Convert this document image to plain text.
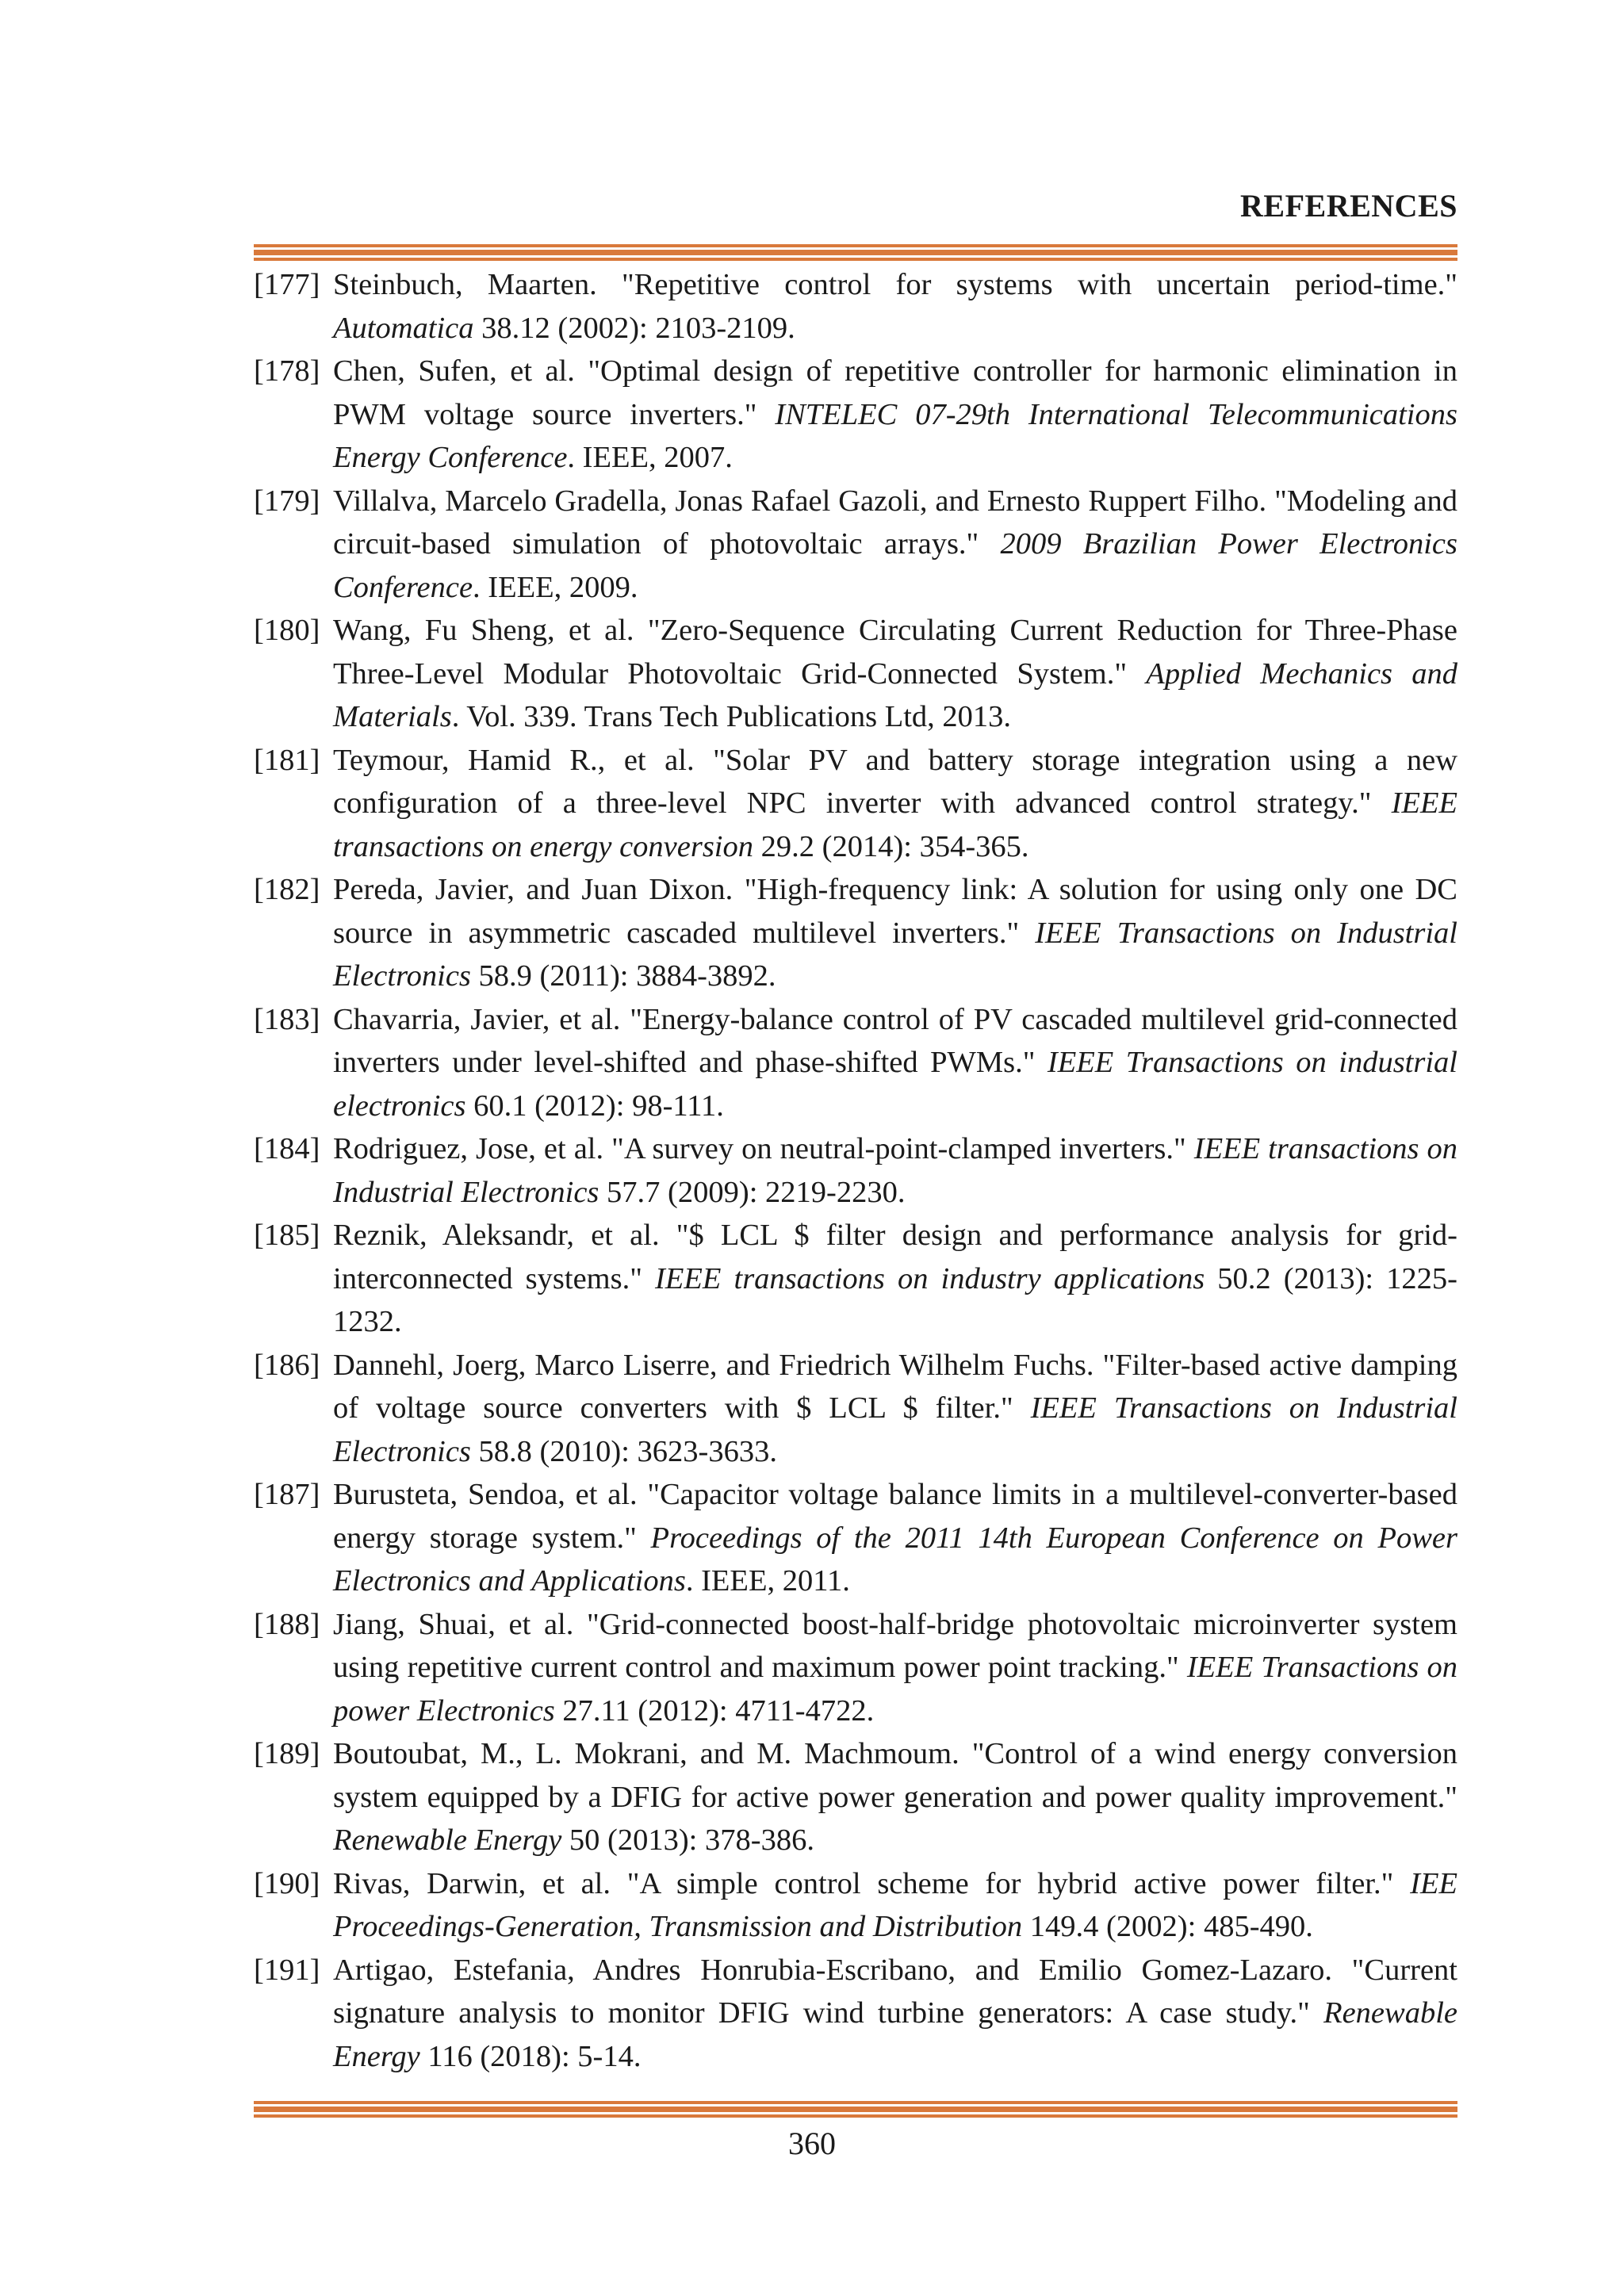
REFERENCES
[177] Steinbuch, Maarten. "Repetitive control for systems with uncertain period-time." Automatica 38.12 (2002): 2103-2109.
[178] Chen, Sufen, et al. "Optimal design of repetitive controller for harmonic elimination in PWM voltage source inverters." INTELEC 07-29th International Telecommunications Energy Conference. IEEE, 2007.
[179] Villalva, Marcelo Gradella, Jonas Rafael Gazoli, and Ernesto Ruppert Filho. "Modeling and circuit-based simulation of photovoltaic arrays." 2009 Brazilian Power Electronics Conference. IEEE, 2009.
[180] Wang, Fu Sheng, et al. "Zero-Sequence Circulating Current Reduction for Three-Phase Three-Level Modular Photovoltaic Grid-Connected System." Applied Mechanics and Materials. Vol. 339. Trans Tech Publications Ltd, 2013.
[181] Teymour, Hamid R., et al. "Solar PV and battery storage integration using a new configuration of a three-level NPC inverter with advanced control strategy." IEEE transactions on energy conversion 29.2 (2014): 354-365.
[182] Pereda, Javier, and Juan Dixon. "High-frequency link: A solution for using only one DC source in asymmetric cascaded multilevel inverters." IEEE Transactions on Industrial Electronics 58.9 (2011): 3884-3892.
[183] Chavarria, Javier, et al. "Energy-balance control of PV cascaded multilevel grid-connected inverters under level-shifted and phase-shifted PWMs." IEEE Transactions on industrial electronics 60.1 (2012): 98-111.
[184] Rodriguez, Jose, et al. "A survey on neutral-point-clamped inverters." IEEE transactions on Industrial Electronics 57.7 (2009): 2219-2230.
[185] Reznik, Aleksandr, et al. "$ LCL $ filter design and performance analysis for grid-interconnected systems." IEEE transactions on industry applications 50.2 (2013): 1225-1232.
[186] Dannehl, Joerg, Marco Liserre, and Friedrich Wilhelm Fuchs. "Filter-based active damping of voltage source converters with $ LCL $ filter." IEEE Transactions on Industrial Electronics 58.8 (2010): 3623-3633.
[187] Burusteta, Sendoa, et al. "Capacitor voltage balance limits in a multilevel-converter-based energy storage system." Proceedings of the 2011 14th European Conference on Power Electronics and Applications. IEEE, 2011.
[188] Jiang, Shuai, et al. "Grid-connected boost-half-bridge photovoltaic microinverter system using repetitive current control and maximum power point tracking." IEEE Transactions on power Electronics 27.11 (2012): 4711-4722.
[189] Boutoubat, M., L. Mokrani, and M. Machmoum. "Control of a wind energy conversion system equipped by a DFIG for active power generation and power quality improvement." Renewable Energy 50 (2013): 378-386.
[190] Rivas, Darwin, et al. "A simple control scheme for hybrid active power filter." IEE Proceedings-Generation, Transmission and Distribution 149.4 (2002): 485-490.
[191] Artigao, Estefania, Andres Honrubia-Escribano, and Emilio Gomez-Lazaro. "Current signature analysis to monitor DFIG wind turbine generators: A case study." Renewable Energy 116 (2018): 5-14.
360
